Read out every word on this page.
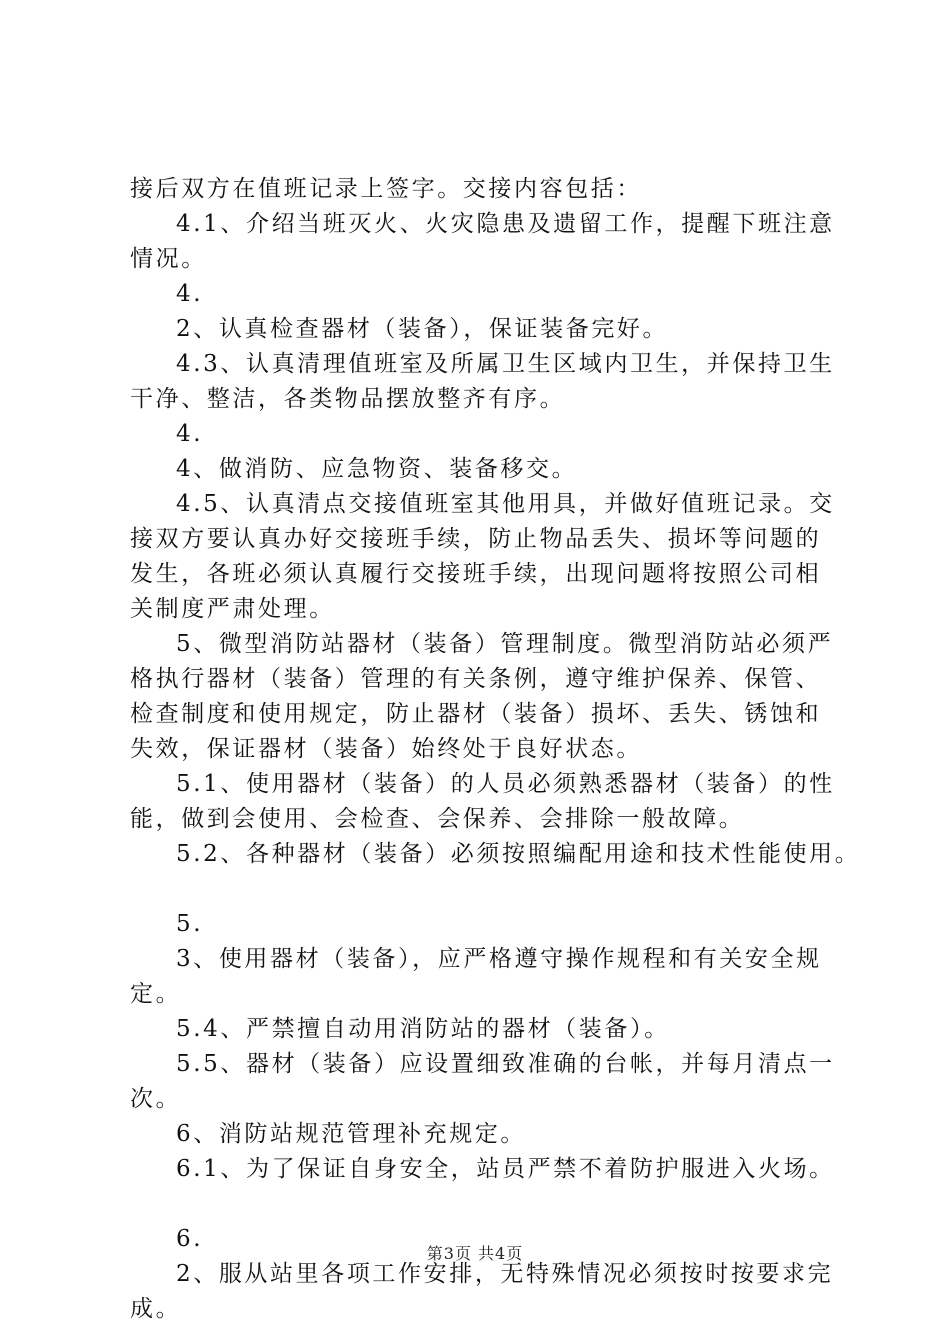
接后双方在值班记录上签字。交接内容包括：
4.1、介绍当班灭火、火灾隐患及遗留工作，提醒下班注意
情况。
4.
2、认真检查器材（装备），保证装备完好。
4.3、认真清理值班室及所属卫生区域内卫生，并保持卫生
干净、整洁，各类物品摆放整齐有序。
4.
4、做消防、应急物资、装备移交。
4.5、认真清点交接值班室其他用具，并做好值班记录。交
接双方要认真办好交接班手续，防止物品丢失、损坏等问题的
发生，各班必须认真履行交接班手续，出现问题将按照公司相
关制度严肃处理。
5、微型消防站器材（装备）管理制度。微型消防站必须严
格执行器材（装备）管理的有关条例，遵守维护保养、保管、
检查制度和使用规定，防止器材（装备）损坏、丢失、锈蚀和
失效，保证器材（装备）始终处于良好状态。
5.1、使用器材（装备）的人员必须熟悉器材（装备）的性
能，做到会使用、会检查、会保养、会排除一般故障。
5.2、各种器材（装备）必须按照编配用途和技术性能使用。
5.
3、使用器材（装备），应严格遵守操作规程和有关安全规
定。
5.4、严禁擅自动用消防站的器材（装备）。
5.5、器材（装备）应设置细致准确的台帐，并每月清点一
次。
6、消防站规范管理补充规定。
6.1、为了保证自身安全，站员严禁不着防护服进入火场。
6.
2、服从站里各项工作安排，无特殊情况必须按时按要求完
成。
第3页 共4页
